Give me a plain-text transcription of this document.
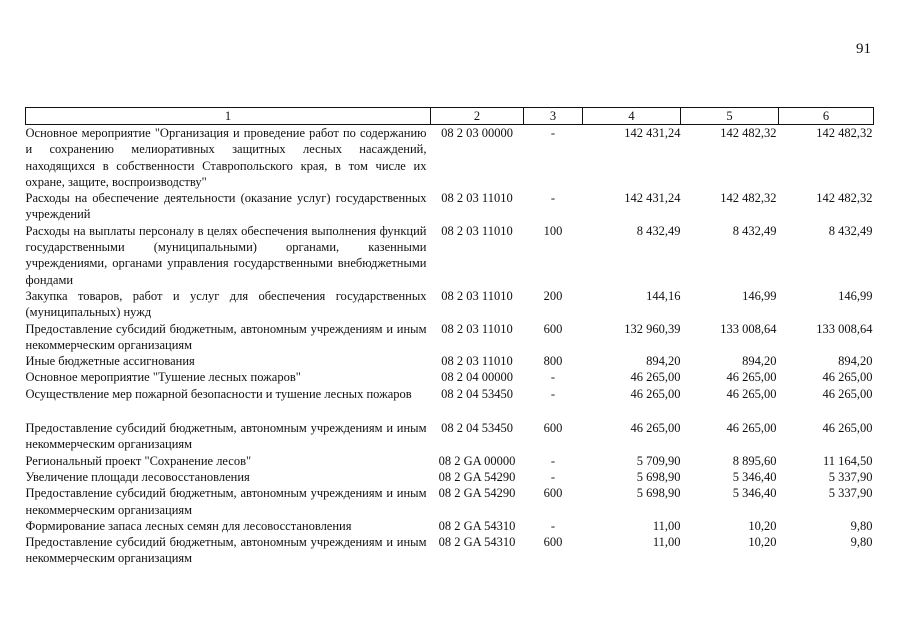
91
1	2	3	4	5	6
Основное мероприятие "Организация и проведение работ по содержанию и сохранению мелиоративных защитных лесных насаждений, находящихся в собственности Ставропольского края, в том числе их охране, защите, воспроизводству"	08 2 03 00000	-	142 431,24	142 482,32	142 482,32
Расходы на обеспечение деятельности (оказание услуг) государственных учреждений	08 2 03 11010	-	142 431,24	142 482,32	142 482,32
Расходы на выплаты персоналу в целях обеспечения выполнения функций государственными (муниципальными) органами, казенными учреждениями, органами управления государственными внебюджетными фондами	08 2 03 11010	100	8 432,49	8 432,49	8 432,49
Закупка товаров, работ и услуг для обеспечения государственных (муниципальных) нужд	08 2 03 11010	200	144,16	146,99	146,99
Предоставление субсидий бюджетным, автономным учреждениям и иным некоммерческим организациям	08 2 03 11010	600	132 960,39	133 008,64	133 008,64
Иные бюджетные ассигнования	08 2 03 11010	800	894,20	894,20	894,20
Основное мероприятие "Тушение лесных пожаров"	08 2 04 00000	-	46 265,00	46 265,00	46 265,00
Осуществление мер пожарной безопасности и тушение лесных пожаров	08 2 04 53450	-	46 265,00	46 265,00	46 265,00

Предоставление субсидий бюджетным, автономным учреждениям и иным некоммерческим организациям	08 2 04 53450	600	46 265,00	46 265,00	46 265,00
Региональный проект "Сохранение лесов"	08 2 GA 00000	-	5 709,90	8 895,60	11 164,50
Увеличение площади лесовосстановления	08 2 GA 54290	-	5 698,90	5 346,40	5 337,90
Предоставление субсидий бюджетным, автономным учреждениям и иным некоммерческим организациям	08 2 GA 54290	600	5 698,90	5 346,40	5 337,90
Формирование запаса лесных семян для лесовосстановления	08 2 GA 54310	-	11,00	10,20	9,80
Предоставление субсидий бюджетным, автономным учреждениям и иным некоммерческим организациям	08 2 GA 54310	600	11,00	10,20	9,80
